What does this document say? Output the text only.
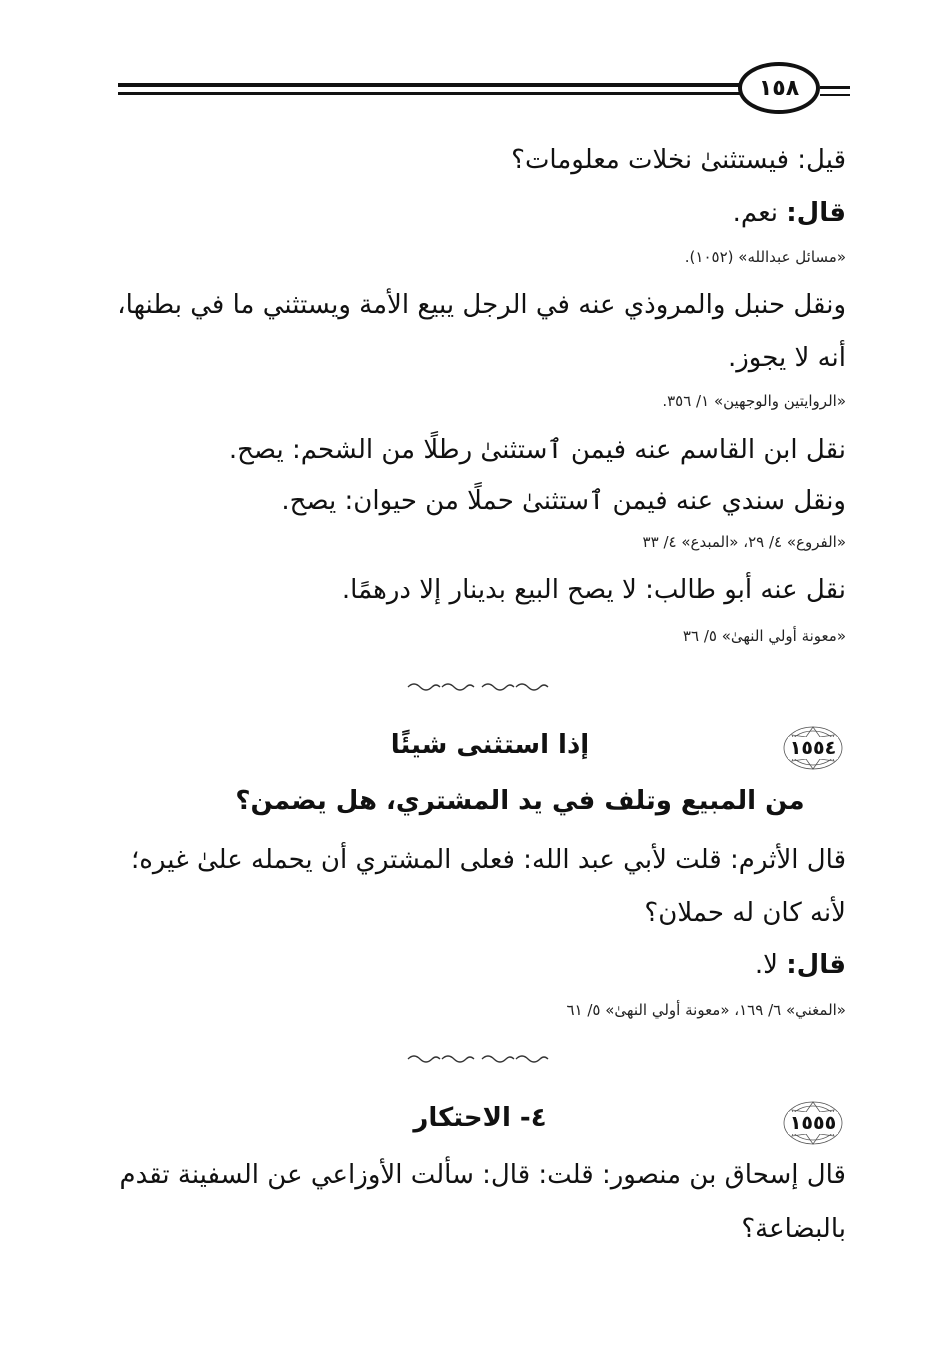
١٥٨
قيل: فيستثنىٰ نخلات معلومات؟
قال: نعم.
«مسائل عبدالله» (١٠٥٢).
ونقل حنبل والمروذي عنه في الرجل يبيع الأمة ويستثني ما في بطنها،
أنه لا يجوز.
«الروايتين والوجهين» ١/ ٣٥٦.
نقل ابن القاسم عنه فيمن ٱستثنىٰ رطلًا من الشحم: يصح.
ونقل سندي عنه فيمن ٱستثنىٰ حملًا من حيوان: يصح.
«الفروع» ٤/ ٢٩، «المبدع» ٤/ ٣٣
نقل عنه أبو طالب: لا يصح البيع بدينار إلا درهمًا.
«معونة أولي النهىٰ» ٥/ ٣٦
١٥٥٤
إذا استثنى شيئًا
من المبيع وتلف في يد المشتري، هل يضمن؟
قال الأثرم: قلت لأبي عبد الله: فعلى المشتري أن يحمله علىٰ غيره؛
لأنه كان له حملان؟
قال: لا.
«المغني» ٦/ ١٦٩، «معونة أولي النهىٰ» ٥/ ٦١
١٥٥٥
٤- الاحتكار
قال إسحاق بن منصور: قلت: قال: سألت الأوزاعي عن السفينة تقدم
بالبضاعة؟
